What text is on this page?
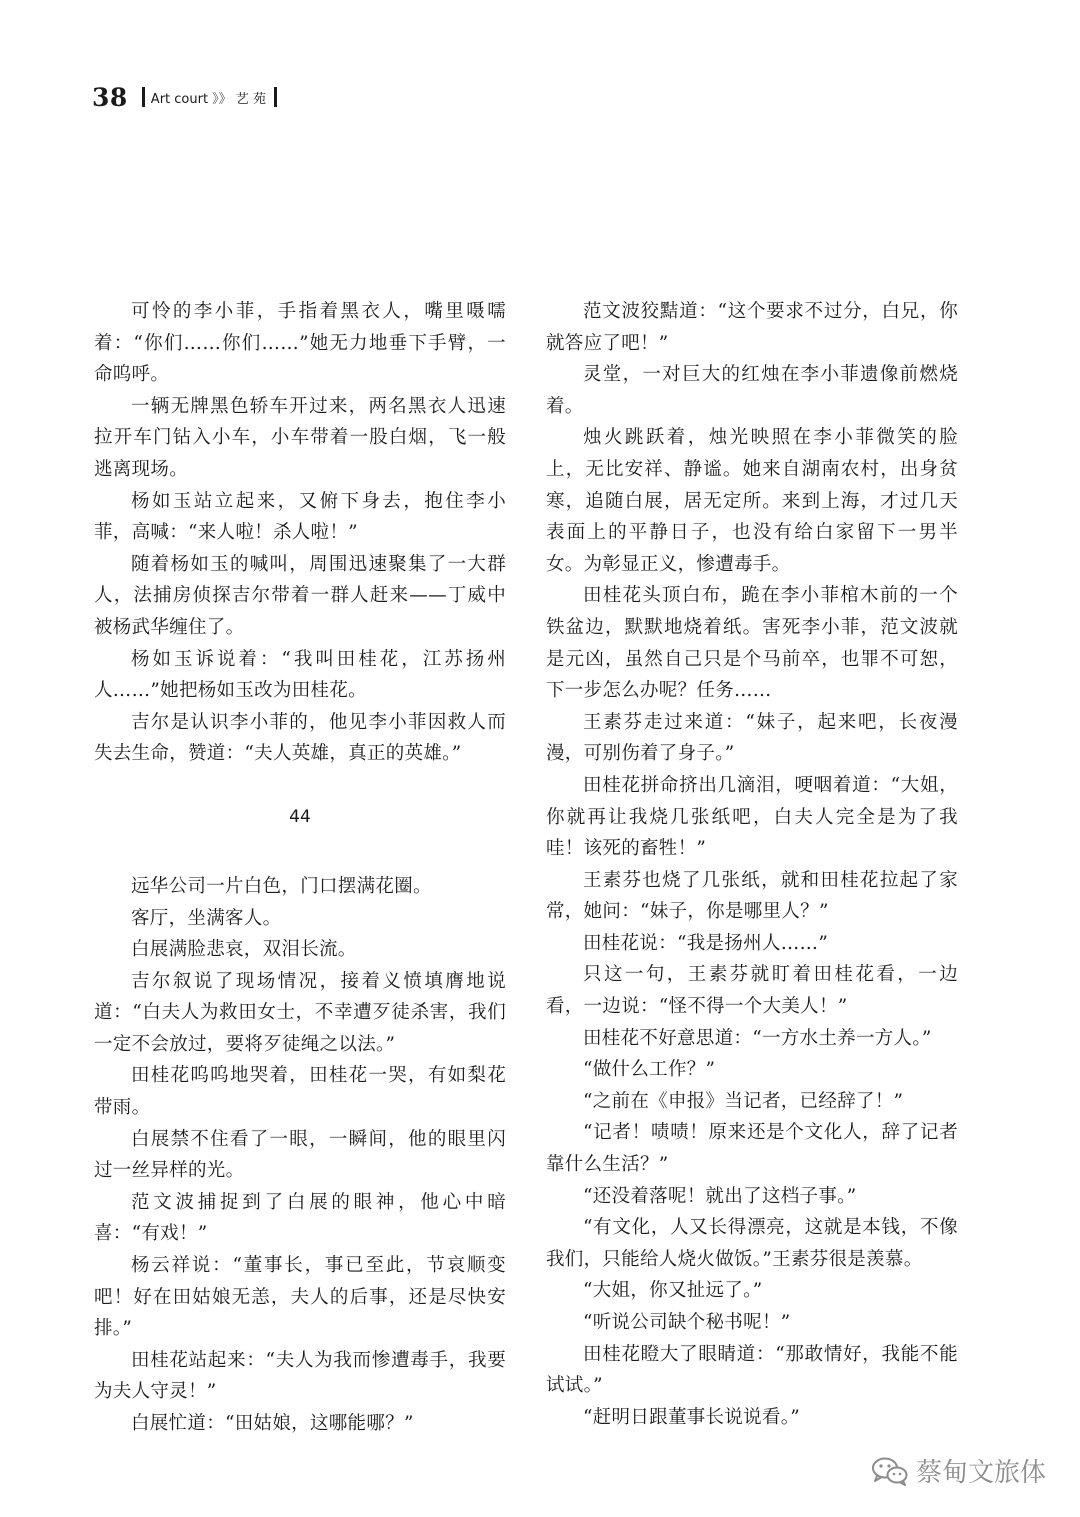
38 Art court 》》 艺 苑

可怜的李小菲，手指着黑衣人，嘴里嗫嚅着：“你们……你们……”她无力地垂下手臂，一命呜呼。

一辆无牌黑色轿车开过来，两名黑衣人迅速拉开车门钻入小车，小车带着一股白烟，飞一般逃离现场。

杨如玉站立起来，又俯下身去，抱住李小菲，高喊：“来人啦！杀人啦！”

随着杨如玉的喊叫，周围迅速聚集了一大群人，法捕房侦探吉尔带着一群人赶来——丁威中被杨武华缠住了。

杨如玉诉说着：“我叫田桂花，江苏扬州人……”她把杨如玉改为田桂花。

吉尔是认识李小菲的，他见李小菲因救人而失去生命，赞道：“夫人英雄，真正的英雄。”

44

远华公司一片白色，门口摆满花圈。

客厅，坐满客人。

白展满脸悲哀，双泪长流。

吉尔叙说了现场情况，接着义愤填膺地说道：“白夫人为救田女士，不幸遭歹徒杀害，我们一定不会放过，要将歹徒绳之以法。”

田桂花呜呜地哭着，田桂花一哭，有如梨花带雨。

白展禁不住看了一眼，一瞬间，他的眼里闪过一丝异样的光。

范文波捕捉到了白展的眼神，他心中暗喜：“有戏！”

杨云祥说：“董事长，事已至此，节哀顺变吧！好在田姑娘无恙，夫人的后事，还是尽快安排。”

田桂花站起来：“夫人为我而惨遭毒手，我要为夫人守灵！”

白展忙道：“田姑娘，这哪能哪？”

范文波狡黠道：“这个要求不过分，白兄，你就答应了吧！”

灵堂，一对巨大的红烛在李小菲遗像前燃烧着。

烛火跳跃着，烛光映照在李小菲微笑的脸上，无比安祥、静谧。她来自湖南农村，出身贫寒，追随白展，居无定所。来到上海，才过几天表面上的平静日子，也没有给白家留下一男半女。为彰显正义，惨遭毒手。

田桂花头顶白布，跪在李小菲棺木前的一个铁盆边，默默地烧着纸。害死李小菲，范文波就是元凶，虽然自己只是个马前卒，也罪不可恕，下一步怎么办呢？任务……

王素芬走过来道：“妹子，起来吧，长夜漫漫，可别伤着了身子。”

田桂花拼命挤出几滴泪，哽咽着道：“大姐，你就再让我烧几张纸吧，白夫人完全是为了我哇！该死的畜牲！”

王素芬也烧了几张纸，就和田桂花拉起了家常，她问：“妹子，你是哪里人？”

田桂花说：“我是扬州人……”

只这一句，王素芬就盯着田桂花看，一边看，一边说：“怪不得一个大美人！”

田桂花不好意思道：“一方水土养一方人。”

“做什么工作？”

“之前在《申报》当记者，已经辞了！”

“记者！啧啧！原来还是个文化人，辞了记者靠什么生活？”

“还没着落呢！就出了这档子事。”

“有文化，人又长得漂亮，这就是本钱，不像我们，只能给人烧火做饭。”王素芬很是羡慕。

“大姐，你又扯远了。”

“听说公司缺个秘书呢！”

田桂花瞪大了眼睛道：“那敢情好，我能不能试试。”

“赶明日跟董事长说说看。”

蔡甸文旅体
